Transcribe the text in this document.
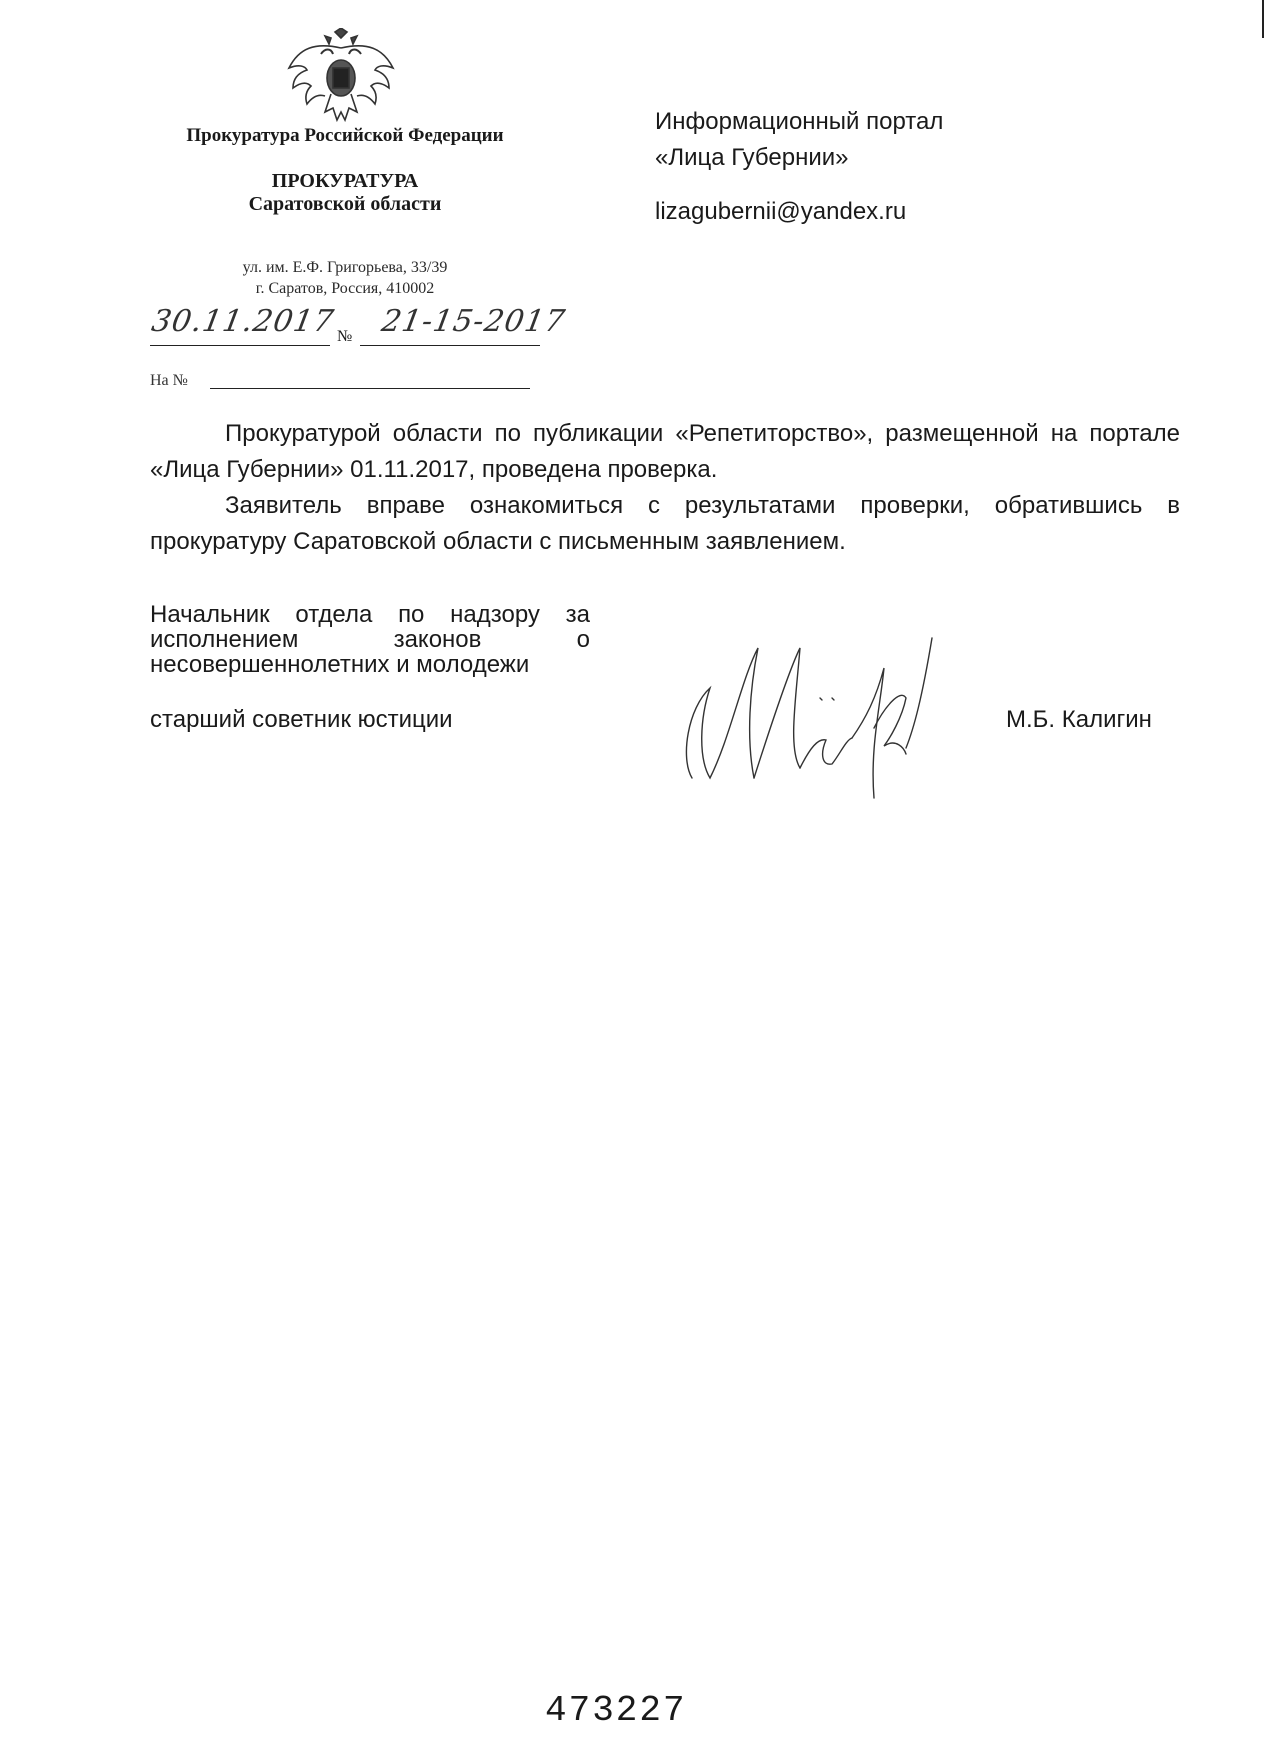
Прокуратура Российской Федерации
ПРОКУРАТУРА
Саратовской области
ул. им. Е.Ф. Григорьева, 33/39
г. Саратов, Россия, 410002
30.11.2017 № 21-15-2017
На №
Информационный портал
«Лица Губернии»
lizagubernii@yandex.ru

Прокуратурой области по публикации «Репетиторство», размещенной на портале «Лица Губернии» 01.11.2017, проведена проверка.

Заявитель вправе ознакомиться с результатами проверки, обратившись в прокуратуру Саратовской области с письменным заявлением.

Начальник отдела по надзору за исполнением законов о
несовершеннолетних и молодежи
старший советник юстиции	М.Б. Калигин
473227
